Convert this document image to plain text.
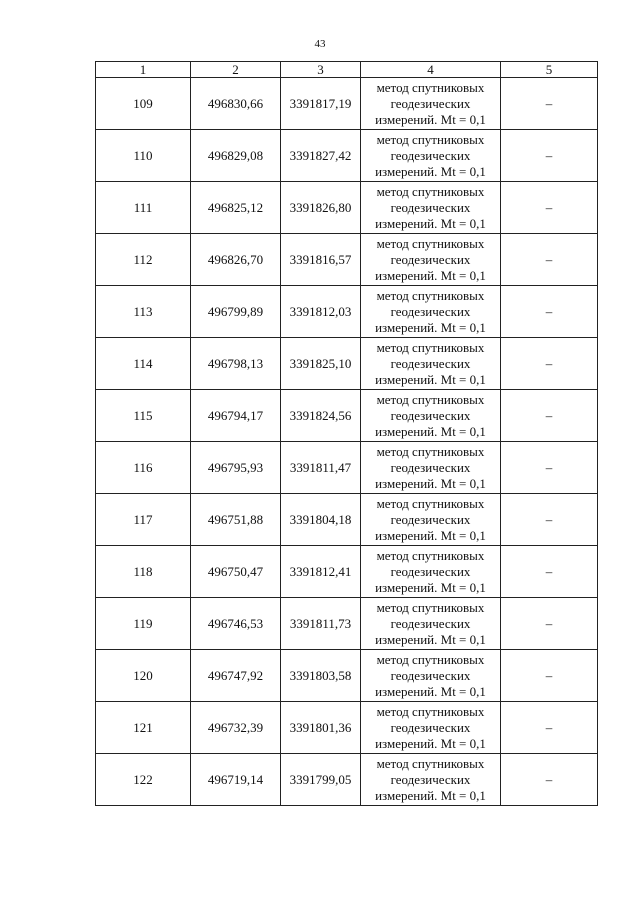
43
1	2	3	4	5
109	496830,66	3391817,19	метод спутниковых
геодезических
измерений. Mt = 0,1	–
110	496829,08	3391827,42	метод спутниковых
геодезических
измерений. Mt = 0,1	–
111	496825,12	3391826,80	метод спутниковых
геодезических
измерений. Mt = 0,1	–
112	496826,70	3391816,57	метод спутниковых
геодезических
измерений. Mt = 0,1	–
113	496799,89	3391812,03	метод спутниковых
геодезических
измерений. Mt = 0,1	–
114	496798,13	3391825,10	метод спутниковых
геодезических
измерений. Mt = 0,1	–
115	496794,17	3391824,56	метод спутниковых
геодезических
измерений. Mt = 0,1	–
116	496795,93	3391811,47	метод спутниковых
геодезических
измерений. Mt = 0,1	–
117	496751,88	3391804,18	метод спутниковых
геодезических
измерений. Mt = 0,1	–
118	496750,47	3391812,41	метод спутниковых
геодезических
измерений. Mt = 0,1	–
119	496746,53	3391811,73	метод спутниковых
геодезических
измерений. Mt = 0,1	–
120	496747,92	3391803,58	метод спутниковых
геодезических
измерений. Mt = 0,1	–
121	496732,39	3391801,36	метод спутниковых
геодезических
измерений. Mt = 0,1	–
122	496719,14	3391799,05	метод спутниковых
геодезических
измерений. Mt = 0,1	–
